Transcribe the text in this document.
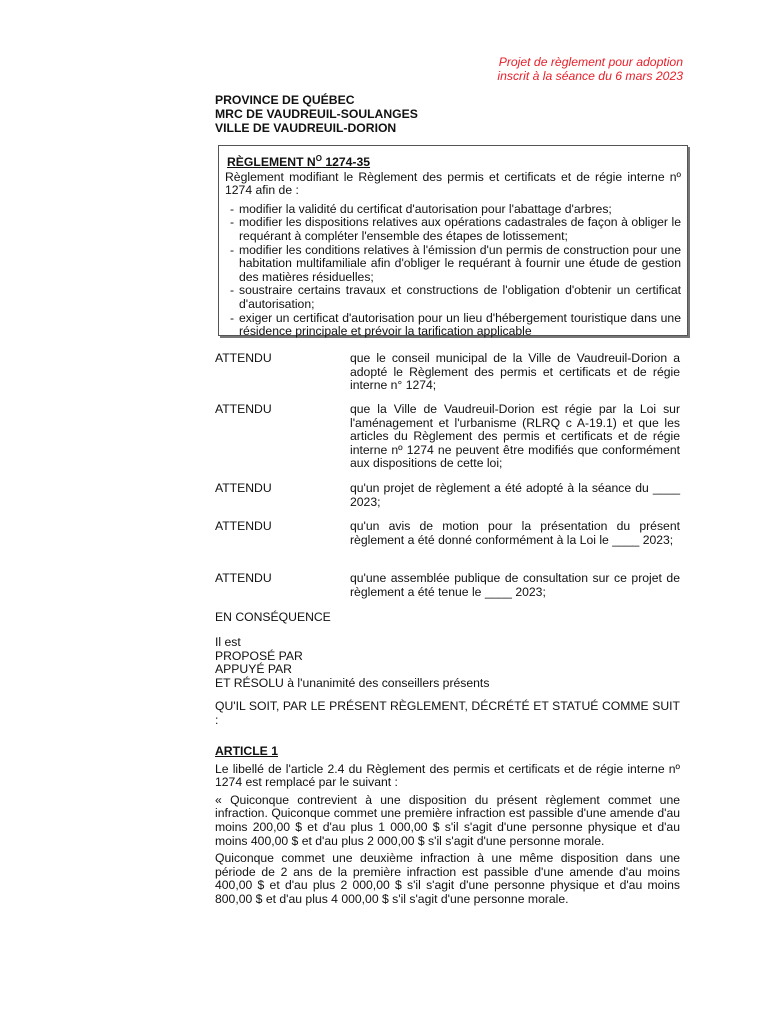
Projet de règlement pour adoption
inscrit à la séance du 6 mars 2023
PROVINCE DE QUÉBEC
MRC DE VAUDREUIL-SOULANGES
VILLE DE VAUDREUIL-DORION
RÈGLEMENT $N^O$ 1274-35
Règlement modifiant le Règlement des permis et certificats et de régie interne nº 1274 afin de :
- modifier la validité du certificat d'autorisation pour l'abattage d'arbres;
- modifier les dispositions relatives aux opérations cadastrales de façon à obliger le requérant à compléter l'ensemble des étapes de lotissement;
- modifier les conditions relatives à l'émission d'un permis de construction pour une habitation multifamiliale afin d'obliger le requérant à fournir une étude de gestion des matières résiduelles;
- soustraire certains travaux et constructions de l'obligation d'obtenir un certificat d'autorisation;
- exiger un certificat d'autorisation pour un lieu d'hébergement touristique dans une résidence principale et prévoir la tarification applicable
ATTENDU	que le conseil municipal de la Ville de Vaudreuil-Dorion a adopté le Règlement des permis et certificats et de régie interne n° 1274;
ATTENDU	que la Ville de Vaudreuil-Dorion est régie par la Loi sur l'aménagement et l'urbanisme (RLRQ c A-19.1) et que les articles du Règlement des permis et certificats et de régie interne nº 1274 ne peuvent être modifiés que conformément aux dispositions de cette loi;
ATTENDU	qu'un projet de règlement a été adopté à la séance du ____ 2023;
ATTENDU	qu'un avis de motion pour la présentation du présent règlement a été donné conformément à la Loi le ____ 2023;
ATTENDU	qu'une assemblée publique de consultation sur ce projet de règlement a été tenue le ____ 2023;
EN CONSÉQUENCE
Il est
PROPOSÉ PAR
APPUYÉ PAR
ET RÉSOLU à l'unanimité des conseillers présents
QU'IL SOIT, PAR LE PRÉSENT RÈGLEMENT, DÉCRÉTÉ ET STATUÉ COMME SUIT :
ARTICLE 1
Le libellé de l'article 2.4 du Règlement des permis et certificats et de régie interne nº 1274 est remplacé par le suivant :
« Quiconque contrevient à une disposition du présent règlement commet une infraction. Quiconque commet une première infraction est passible d'une amende d'au moins 200,00 $ et d'au plus 1 000,00 $ s'il s'agit d'une personne physique et d'au moins 400,00 $ et d'au plus 2 000,00 $ s'il s'agit d'une personne morale.
Quiconque commet une deuxième infraction à une même disposition dans une période de 2 ans de la première infraction est passible d'une amende d'au moins 400,00 $ et d'au plus 2 000,00 $ s'il s'agit d'une personne physique et d'au moins 800,00 $ et d'au plus 4 000,00 $ s'il s'agit d'une personne morale.
